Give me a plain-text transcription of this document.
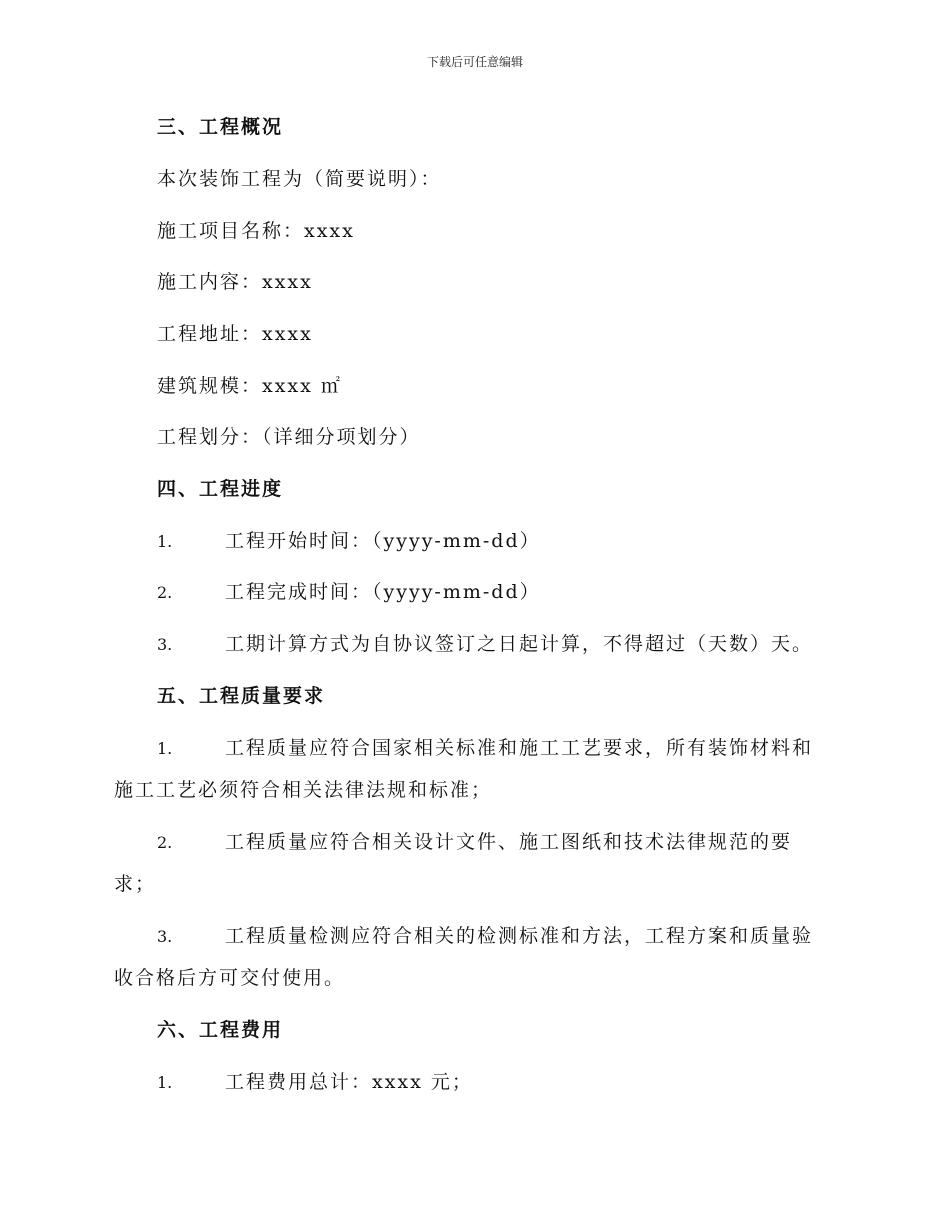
下载后可任意编辑
三、工程概况
本次装饰工程为（简要说明）：
施工项目名称：xxxx
施工内容：xxxx
工程地址：xxxx
建筑规模：xxxx ㎡
工程划分：（详细分项划分）
四、工程进度
1.	工程开始时间：（yyyy-mm-dd）
2.	工程完成时间：（yyyy-mm-dd）
3.	工期计算方式为自协议签订之日起计算，不得超过（天数）天。
五、工程质量要求
1.	工程质量应符合国家相关标准和施工工艺要求，所有装饰材料和
施工工艺必须符合相关法律法规和标准；
2.	工程质量应符合相关设计文件、施工图纸和技术法律规范的要
求；
3.	工程质量检测应符合相关的检测标准和方法，工程方案和质量验
收合格后方可交付使用。
六、工程费用
1.	工程费用总计：xxxx 元；
